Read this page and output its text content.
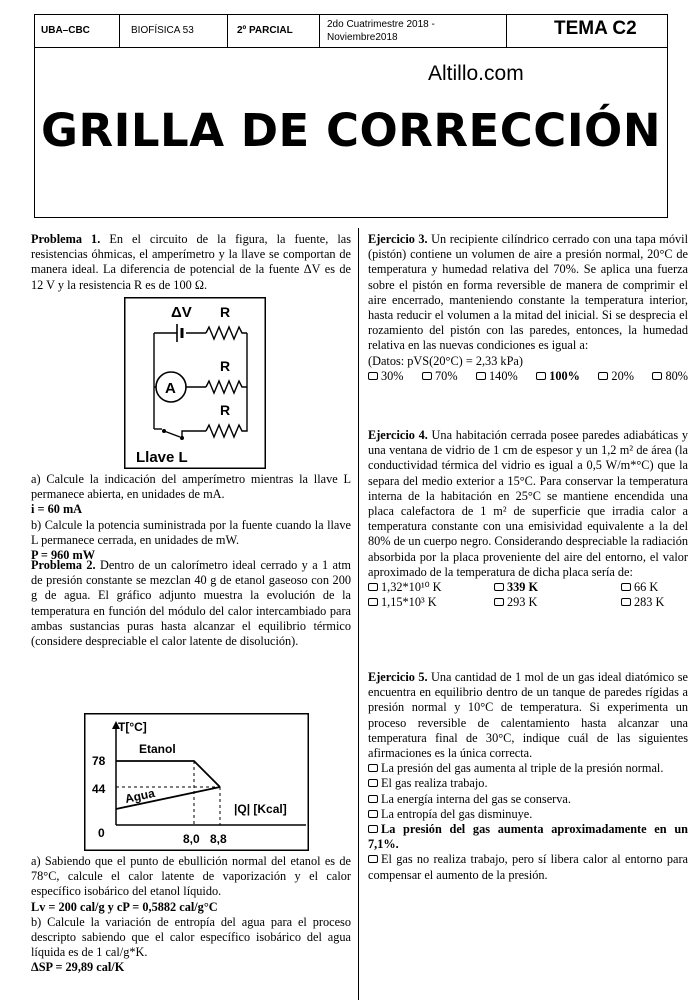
UBA–CBC	BIOFÍSICA 53	2º PARCIAL
2do Cuatrimestre 2018 -
Noviembre2018	TEMA C2
Altillo.com
GRILLA DE CORRECCIÓN

Problema 1. En el circuito de la figura, la fuente, las resistencias óhmicas, el amperímetro y la llave se comportan de manera ideal. La diferencia de potencial de la fuente ΔV es de 12 V y la resistencia R es de 100 Ω.

ΔV R
A
R
R
Llave L

a) Calcule la indicación del amperímetro mientras la llave L permanece abierta, en unidades de mA.

i = 60 mA

b) Calcule la potencia suministrada por la fuente cuando la llave L permanece cerrada, en unidades de mW.

P = 960 mW

Problema 2. Dentro de un calorímetro ideal cerrado y a 1 atm de presión constante se mezclan 40 g de etanol gaseoso con 200 g de agua. El gráfico adjunto muestra la evolución de la temperatura en función del módulo del calor intercambiado para ambas sustancias puras hasta alcanzar el equilibrio térmico (considere despreciable el calor latente de disolución).

T[°C]
|Q| [Kcal]
78
44
0	8,0 8,8
Etanol
Agua

a) Sabiendo que el punto de ebullición normal del etanol es de 78°C, calcule el calor latente de vaporización y el calor específico isobárico del etanol líquido.

Lv = 200 cal/g y cP = 0,5882 cal/g°C

b) Calcule la variación de entropía del agua para el proceso descripto sabiendo que el calor específico isobárico del agua líquida es de 1 cal/g*K.

ΔSP = 29,89 cal/K

Ejercicio 3. Un recipiente cilíndrico cerrado con una tapa móvil (pistón) contiene un volumen de aire a presión normal, 20°C de temperatura y humedad relativa del 70%. Se aplica una fuerza sobre el pistón en forma reversible de manera de comprimir el aire encerrado, manteniendo constante la temperatura interior, hasta reducir el volumen a la mitad del inicial. Si se desprecia el rozamiento del pistón con las paredes, entonces, la humedad relativa en las nuevas condiciones es igual a:

(Datos: pVS(20°C) = 2,33 kPa)

30%	70%	140%	100%	20%	80%

Ejercicio 4. Una habitación cerrada posee paredes adiabáticas y una ventana de vidrio de 1 cm de espesor y un 1,2 m² de área (la conductividad térmica del vidrio es igual a 0,5 W/m*°C) que la separa del medio exterior a 15°C. Para conservar la temperatura interna de la habitación en 25°C se mantiene encendida una placa calefactora de 1 m² de superficie que irradia calor a temperatura constante con una emisividad equivalente a la del 80% de un cuerpo negro. Considerando despreciable la radiación absorbida por la placa proveniente del aire del entorno, el valor aproximado de la temperatura de dicha placa sería de:

1,32*10¹⁰ K	339 K	66 K
1,15*10³ K	293 K	283 K

Ejercicio 5. Una cantidad de 1 mol de un gas ideal diatómico se encuentra en equilibrio dentro de un tanque de paredes rígidas a presión normal y 10°C de temperatura. Si experimenta un proceso reversible de calentamiento hasta alcanzar una temperatura final de 30°C, indique cuál de las siguientes afirmaciones es la única correcta.

La presión del gas aumenta al triple de la presión normal.

El gas realiza trabajo.

La energía interna del gas se conserva.

La entropía del gas disminuye.

La presión del gas aumenta aproximadamente en un 7,1%.

El gas no realiza trabajo, pero sí libera calor al entorno para compensar el aumento de la presión.
